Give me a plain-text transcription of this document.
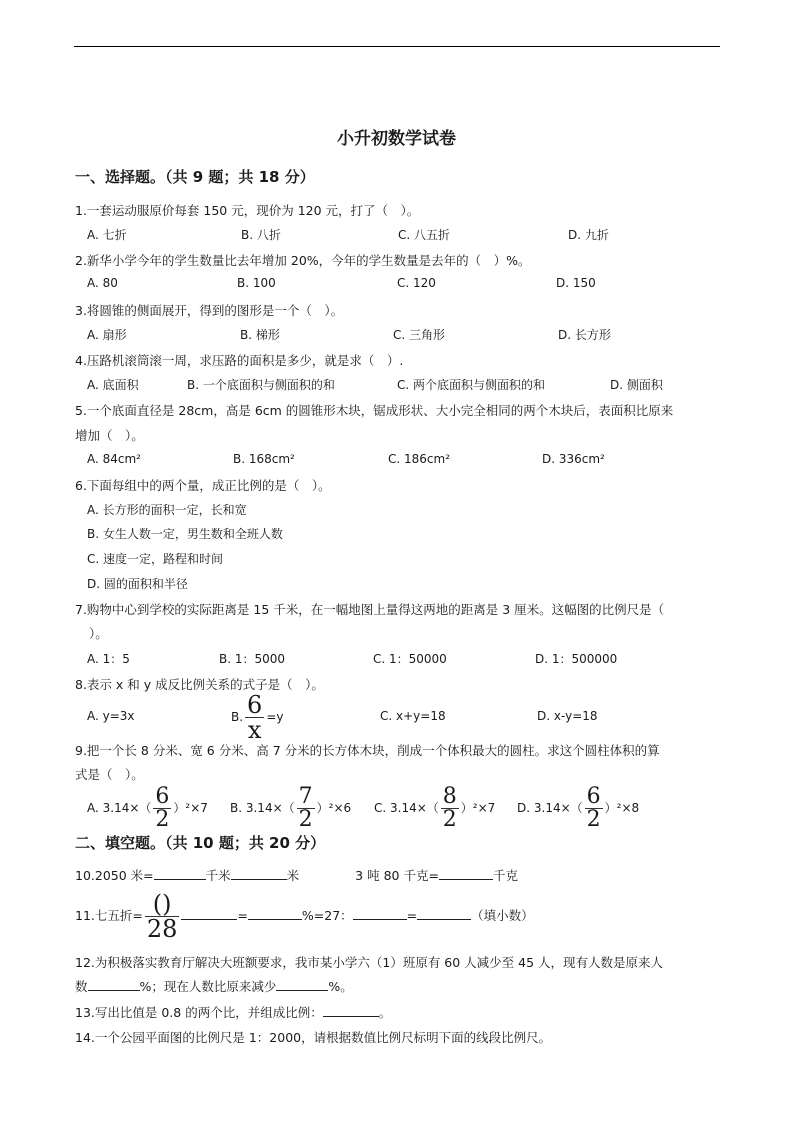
小升初数学试卷
一、选择题。（共 9 题；共 18 分）
1.一套运动服原价每套 150 元，现价为 120 元，打了（　）。
A. 七折	B. 八折	C. 八五折	D. 九折
2.新华小学今年的学生数量比去年增加 20%，今年的学生数量是去年的（　）%。
A. 80	B. 100	C. 120	D. 150
3.将圆锥的侧面展开，得到的图形是一个（　）。
A. 扇形	B. 梯形	C. 三角形	D. 长方形
4.压路机滚筒滚一周，求压路的面积是多少，就是求（　）.
A. 底面积	B. 一个底面积与侧面积的和	C. 两个底面积与侧面积的和	D. 侧面积
5.一个底面直径是 28cm，高是 6cm 的圆锥形木块，锯成形状、大小完全相同的两个木块后，表面积比原来
增加（　）。
A. 84cm²	B. 168cm²	C. 186cm²	D. 336cm²
6.下面每组中的两个量，成正比例的是（　）。
A. 长方形的面积一定，长和宽
B. 女生人数一定，男生数和全班人数
C. 速度一定，路程和时间
D. 圆的面积和半径
7.购物中心到学校的实际距离是 15 千米，在一幅地图上量得这两地的距离是 3 厘米。这幅图的比例尺是（
）。
A. 1：5	B. 1：5000	C. 1：50000	D. 1：500000
8.表示 x 和 y 成反比例关系的式子是（　）。
A. y=3x	B. $\frac{6}{x} =y$	C. x+y=18	D. x-y=18
9.把一个长 8 分米、宽 6 分米、高 7 分米的长方体木块，削成一个体积最大的圆柱。求这个圆柱体积的算
式是（　）。
A. $3.14\times( \frac{6}{2} )^2\times 7$ B. $3.14\times( \frac{7}{2} )^2\times 6$ C. $3.14\times( \frac{8}{2} )^2\times 7$ D. $3.14\times( \frac{6}{2} )^2\times 8$
二、填空题。（共 10 题；共 20 分）
10.2050 米=	千米	米	3 吨 80 千克=	千克
11.七五折= $\frac{()}{28}$	=	%=27：	=	（填小数）
12.为积极落实教育厅解决大班额要求，我市某小学六（1）班原有 60 人减少至 45 人，现有人数是原来人
数	%；现在人数比原来减少	%。
13.写出比值是 0.8 的两个比，并组成比例：	。
14.一个公园平面图的比例尺是 1：2000，请根据数值比例尺标明下面的线段比例尺。
